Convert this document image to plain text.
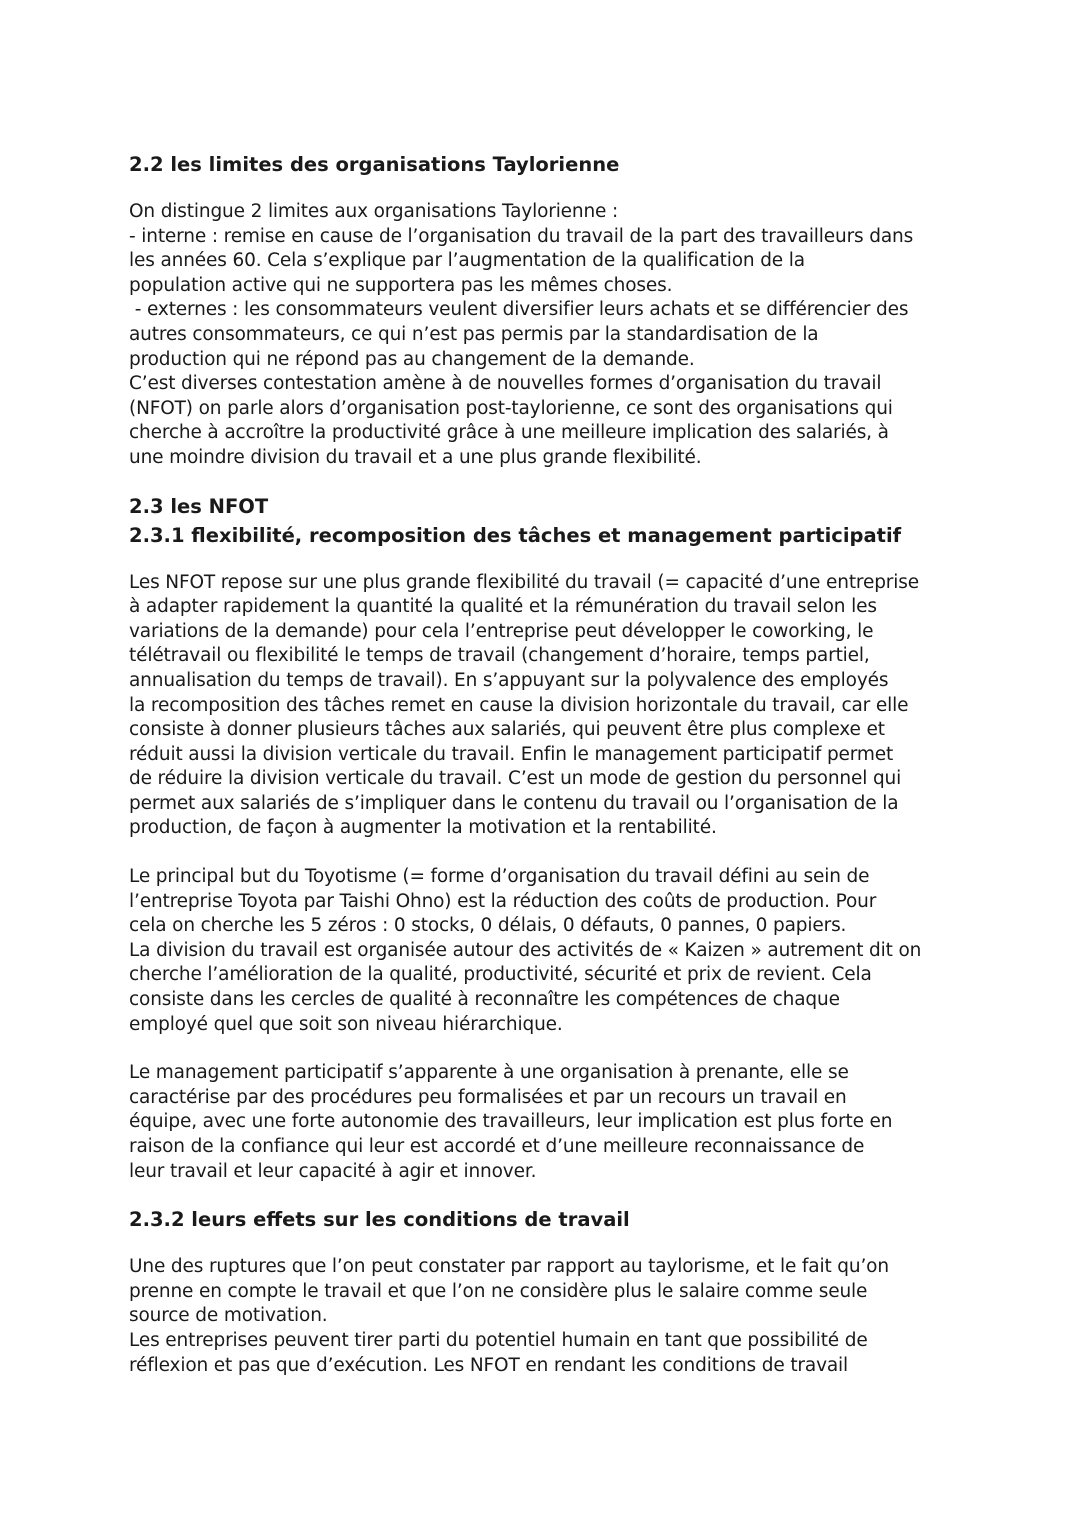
2.2 les limites des organisations Taylorienne

On distingue 2 limites aux organisations Taylorienne :
- interne : remise en cause de l’organisation du travail de la part des travailleurs dans
les années 60. Cela s’explique par l’augmentation de la qualification de la
population active qui ne supportera pas les mêmes choses.
- externes : les consommateurs veulent diversifier leurs achats et se différencier des
autres consommateurs, ce qui n’est pas permis par la standardisation de la
production qui ne répond pas au changement de la demande.
C’est diverses contestation amène à de nouvelles formes d’organisation du travail
(NFOT) on parle alors d’organisation post-taylorienne, ce sont des organisations qui
cherche à accroître la productivité grâce à une meilleure implication des salariés, à
une moindre division du travail et a une plus grande flexibilité.

2.3 les NFOT
2.3.1 flexibilité, recomposition des tâches et management participatif

Les NFOT repose sur une plus grande flexibilité du travail (= capacité d’une entreprise
à adapter rapidement la quantité la qualité et la rémunération du travail selon les
variations de la demande) pour cela l’entreprise peut développer le coworking, le
télétravail ou flexibilité le temps de travail (changement d’horaire, temps partiel,
annualisation du temps de travail). En s’appuyant sur la polyvalence des employés
la recomposition des tâches remet en cause la division horizontale du travail, car elle
consiste à donner plusieurs tâches aux salariés, qui peuvent être plus complexe et
réduit aussi la division verticale du travail. Enfin le management participatif permet
de réduire la division verticale du travail. C’est un mode de gestion du personnel qui
permet aux salariés de s’impliquer dans le contenu du travail ou l’organisation de la
production, de façon à augmenter la motivation et la rentabilité.

Le principal but du Toyotisme (= forme d’organisation du travail défini au sein de
l’entreprise Toyota par Taishi Ohno) est la réduction des coûts de production. Pour
cela on cherche les 5 zéros : 0 stocks, 0 délais, 0 défauts, 0 pannes, 0 papiers.
La division du travail est organisée autour des activités de « Kaizen » autrement dit on
cherche l’amélioration de la qualité, productivité, sécurité et prix de revient. Cela
consiste dans les cercles de qualité à reconnaître les compétences de chaque
employé quel que soit son niveau hiérarchique.

Le management participatif s’apparente à une organisation à prenante, elle se
caractérise par des procédures peu formalisées et par un recours un travail en
équipe, avec une forte autonomie des travailleurs, leur implication est plus forte en
raison de la confiance qui leur est accordé et d’une meilleure reconnaissance de
leur travail et leur capacité à agir et innover.

2.3.2 leurs effets sur les conditions de travail

Une des ruptures que l’on peut constater par rapport au taylorisme, et le fait qu’on
prenne en compte le travail et que l’on ne considère plus le salaire comme seule
source de motivation.
Les entreprises peuvent tirer parti du potentiel humain en tant que possibilité de
réflexion et pas que d’exécution. Les NFOT en rendant les conditions de travail
